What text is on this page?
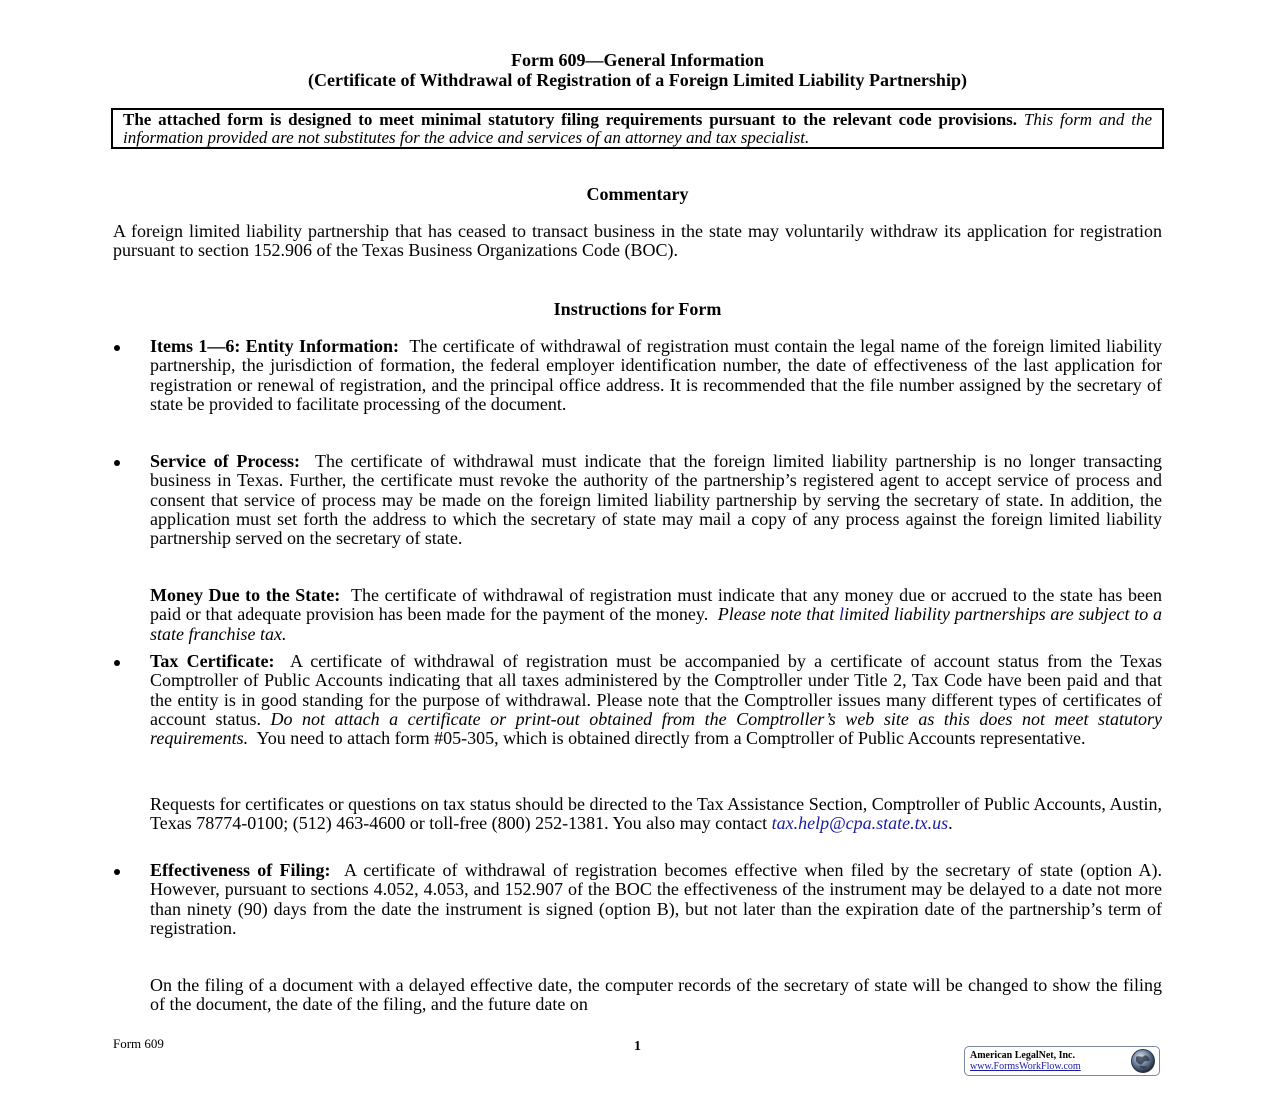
Form 609—General Information
(Certificate of Withdrawal of Registration of a Foreign Limited Liability Partnership)
The attached form is designed to meet minimal statutory filing requirements pursuant to the relevant code provisions. This form and the information provided are not substitutes for the advice and services of an attorney and tax specialist.
Commentary
A foreign limited liability partnership that has ceased to transact business in the state may voluntarily withdraw its application for registration pursuant to section 152.906 of the Texas Business Organizations Code (BOC).
Instructions for Form
Items 1—6: Entity Information: The certificate of withdrawal of registration must contain the legal name of the foreign limited liability partnership, the jurisdiction of formation, the federal employer identification number, the date of effectiveness of the last application for registration or renewal of registration, and the principal office address. It is recommended that the file number assigned by the secretary of state be provided to facilitate processing of the document.
Service of Process: The certificate of withdrawal must indicate that the foreign limited liability partnership is no longer transacting business in Texas. Further, the certificate must revoke the authority of the partnership’s registered agent to accept service of process and consent that service of process may be made on the foreign limited liability partnership by serving the secretary of state. In addition, the application must set forth the address to which the secretary of state may mail a copy of any process against the foreign limited liability partnership served on the secretary of state.
Money Due to the State: The certificate of withdrawal of registration must indicate that any money due or accrued to the state has been paid or that adequate provision has been made for the payment of the money. Please note that limited liability partnerships are subject to a state franchise tax.
Tax Certificate: A certificate of withdrawal of registration must be accompanied by a certificate of account status from the Texas Comptroller of Public Accounts indicating that all taxes administered by the Comptroller under Title 2, Tax Code have been paid and that the entity is in good standing for the purpose of withdrawal. Please note that the Comptroller issues many different types of certificates of account status. Do not attach a certificate or print-out obtained from the Comptroller’s web site as this does not meet statutory requirements. You need to attach form #05-305, which is obtained directly from a Comptroller of Public Accounts representative.
Requests for certificates or questions on tax status should be directed to the Tax Assistance Section, Comptroller of Public Accounts, Austin, Texas 78774-0100; (512) 463-4600 or toll-free (800) 252-1381. You also may contact tax.help@cpa.state.tx.us.
Effectiveness of Filing: A certificate of withdrawal of registration becomes effective when filed by the secretary of state (option A). However, pursuant to sections 4.052, 4.053, and 152.907 of the BOC the effectiveness of the instrument may be delayed to a date not more than ninety (90) days from the date the instrument is signed (option B), but not later than the expiration date of the partnership’s term of registration.
On the filing of a document with a delayed effective date, the computer records of the secretary of state will be changed to show the filing of the document, the date of the filing, and the future date on
Form 609	1
American LegalNet, Inc.
www.FormsWorkFlow.com
